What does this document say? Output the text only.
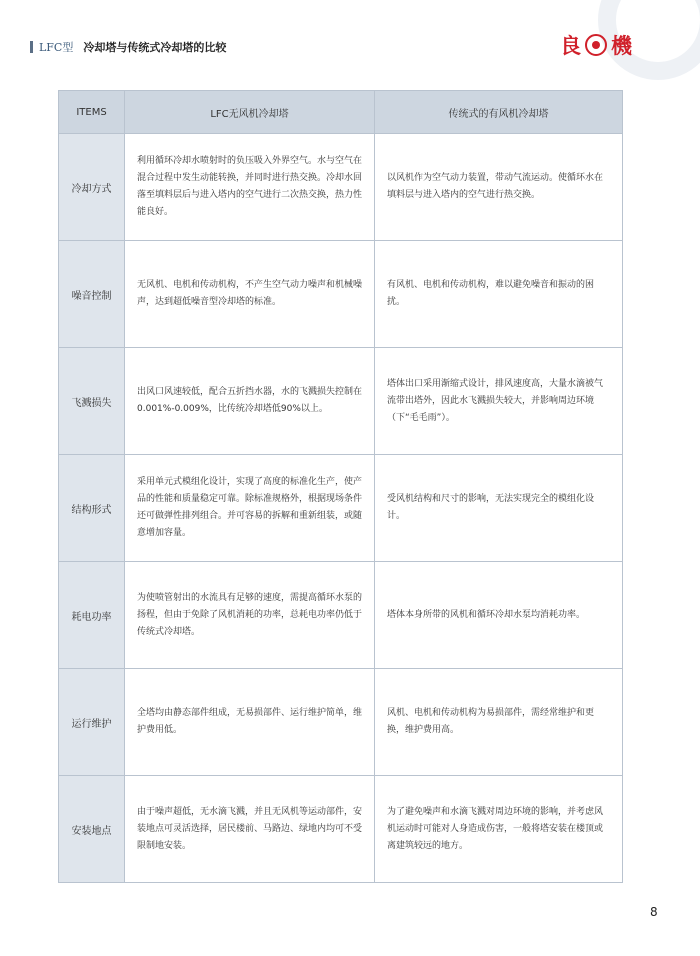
LFC型 冷却塔与传统式冷却塔的比较	良 機
ITEMS	LFC无风机冷却塔	传统式的有风机冷却塔
冷却方式	利用循环冷却水喷射时的负压吸入外界空气。水与空气在混合过程中发生动能转换，并同时进行热交换。冷却水回落至填料层后与进入塔内的空气进行二次热交换，热力性能良好。	以风机作为空气动力装置，带动气流运动。使循环水在填料层与进入塔内的空气进行热交换。
噪音控制	无风机、电机和传动机构，不产生空气动力噪声和机械噪声，达到超低噪音型冷却塔的标准。	有风机、电机和传动机构，难以避免噪音和振动的困扰。
飞溅损失	出风口风速较低，配合五折挡水器，水的飞溅损失控制在0.001%-0.009%，比传统冷却塔低90%以上。	塔体出口采用渐缩式设计，排风速度高，大量水滴被气流带出塔外，因此水飞溅损失较大，并影响周边环境（下“毛毛雨”）。
结构形式	采用单元式模组化设计，实现了高度的标准化生产，使产品的性能和质量稳定可靠。除标准规格外，根据现场条件还可做弹性排列组合。并可容易的拆解和重新组装，或随意增加容量。	受风机结构和尺寸的影响，无法实现完全的模组化设计。
耗电功率	为使喷管射出的水流具有足够的速度，需提高循环水泵的扬程，但由于免除了风机消耗的功率，总耗电功率仍低于传统式冷却塔。	塔体本身所带的风机和循环冷却水泵均消耗功率。
运行维护	全塔均由静态部件组成，无易损部件、运行维护简单，维护费用低。	风机、电机和传动机构为易损部件，需经常维护和更换，维护费用高。
安装地点	由于噪声超低，无水滴飞溅，并且无风机等运动部件，安装地点可灵活选择，居民楼前、马路边、绿地内均可不受限制地安装。	为了避免噪声和水滴飞溅对周边环境的影响，并考虑风机运动时可能对人身造成伤害，一般将塔安装在楼顶或离建筑较远的地方。
8
